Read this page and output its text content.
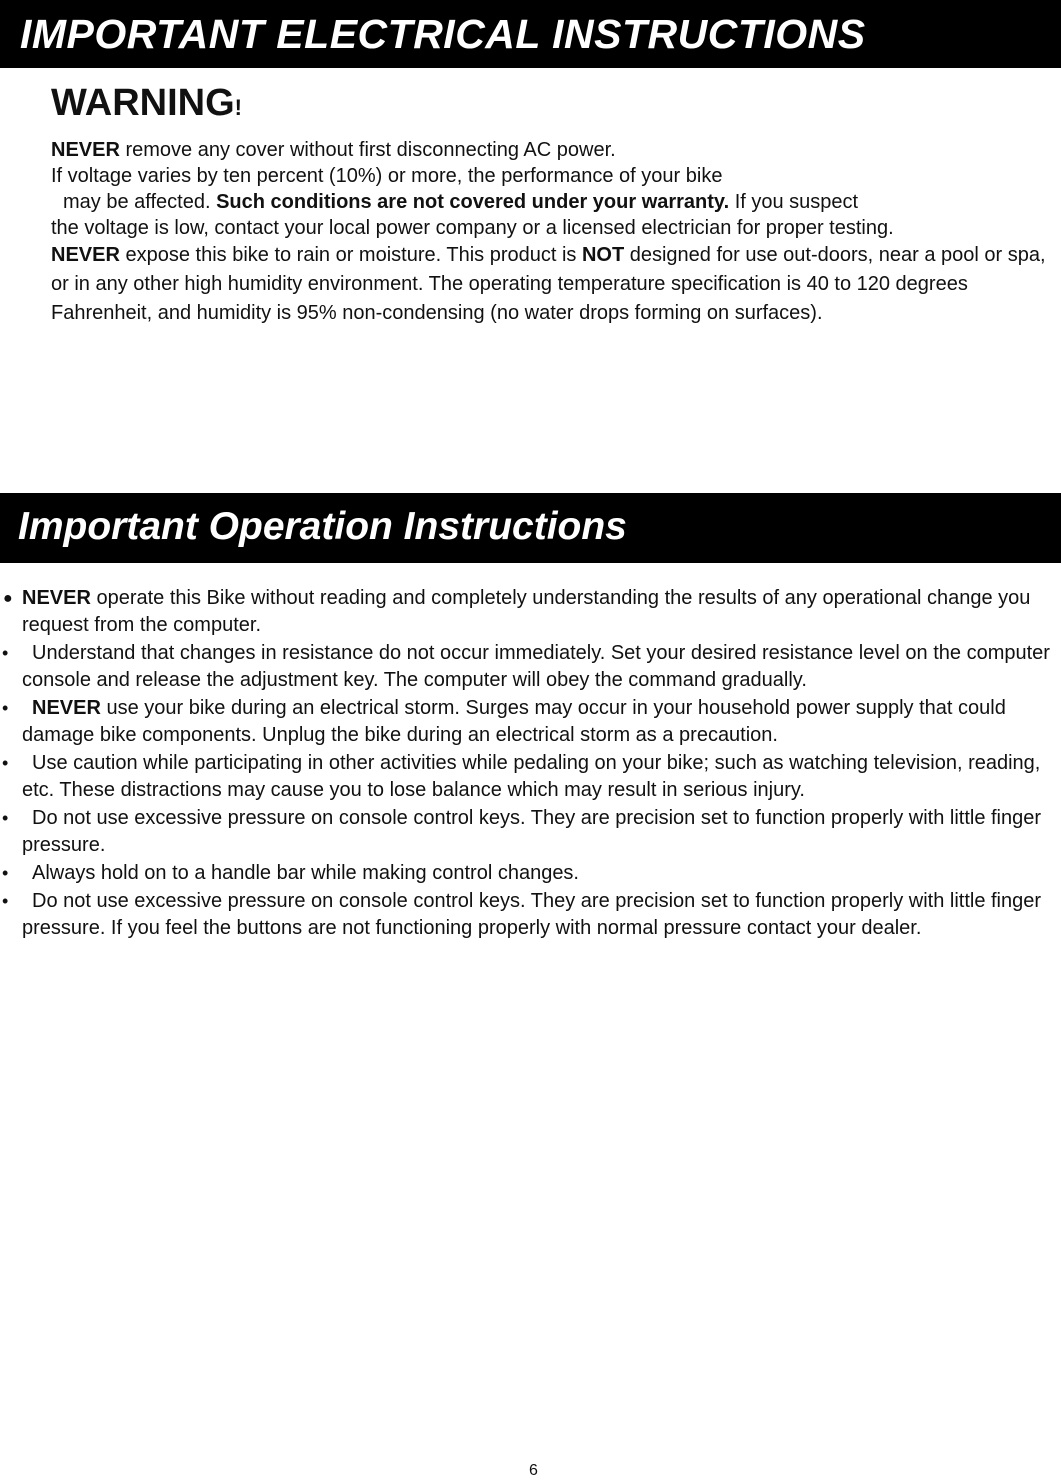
IMPORTANT ELECTRICAL INSTRUCTIONS
WARNING!

NEVER remove any cover without first disconnecting AC power.

If voltage varies by ten percent (10%) or more, the performance of your bike
may be affected. Such conditions are not covered under your warranty. If you suspect
the voltage is low, contact your local power company or a licensed electrician for proper testing.

NEVER expose this bike to rain or moisture. This product is NOT designed for use out-doors, near a pool or spa, or in any other high humidity environment. The operating temperature specification is 40 to 120 degrees Fahrenheit, and humidity is 95% non-condensing (no water drops forming on surfaces).

Important Operation Instructions
● NEVER operate this Bike without reading and completely understanding the results of any operational change you request from the computer.
• Understand that changes in resistance do not occur immediately. Set your desired resistance level on the computer console and release the adjustment key. The computer will obey the command gradually.
• NEVER use your bike during an electrical storm. Surges may occur in your household power supply that could damage bike components. Unplug the bike during an electrical storm as a precaution.
• Use caution while participating in other activities while pedaling on your bike; such as watching television, reading, etc. These distractions may cause you to lose balance which may result in serious injury.
• Do not use excessive pressure on console control keys. They are precision set to function properly with little finger pressure.
• Always hold on to a handle bar while making control changes.
• Do not use excessive pressure on console control keys. They are precision set to function properly with little finger pressure. If you feel the buttons are not functioning properly with normal pressure contact your dealer.
6
